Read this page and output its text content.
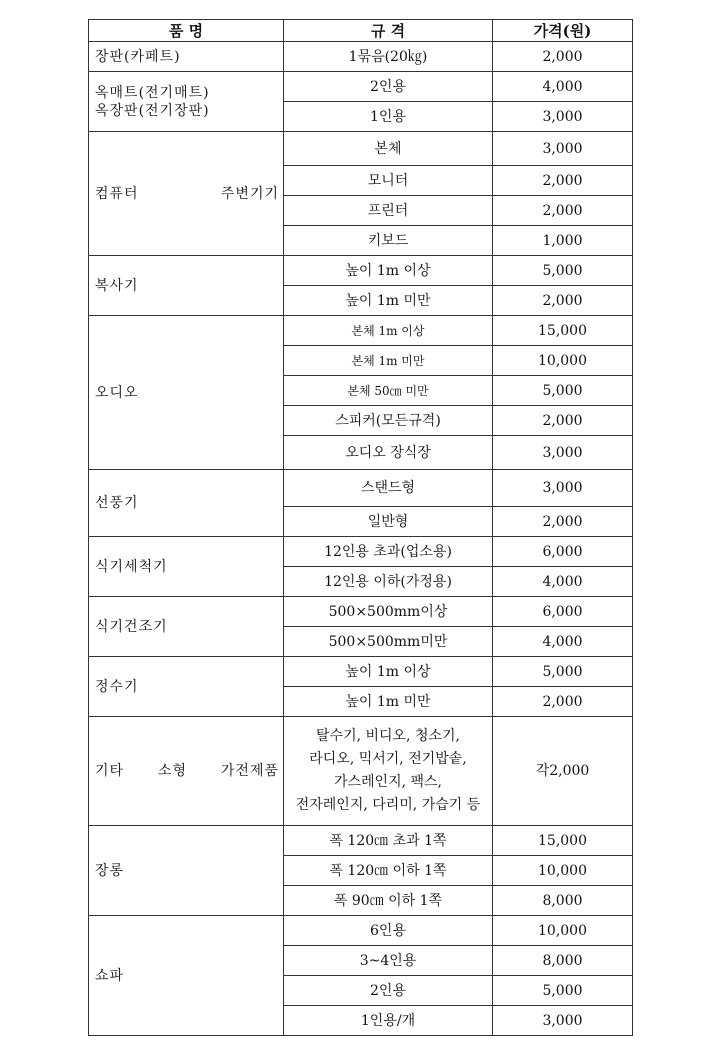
품 명	규 격	가격(원)
장판(카페트)	1묶음(20㎏)	2,000

옥매트(전기매트)
옥장판(전기장판)	2인용	4,000
	1인용	3,000
컴퓨터 주변기기	본체	3,000
	모니터	2,000
	프린터	2,000
	키보드	1,000
복사기	높이 1m 이상	5,000
	높이 1m 미만	2,000
오디오	본체 1m 이상	15,000
	본체 1m 미만	10,000
	본체 50㎝ 미만	5,000
	스피커(모든규격)	2,000
	오디오 장식장	3,000
선풍기	스탠드형	3,000
	일반형	2,000
식기세척기	12인용 초과(업소용)	6,000
	12인용 이하(가정용)	4,000
식기건조기	500×500mm이상	6,000
	500×500mm미만	4,000
정수기	높이 1m 이상	5,000
	높이 1m 미만	2,000
기타 소형 가전제품	탈수기, 비디오, 청소기,
라디오, 믹서기, 전기밥솥,
가스레인지, 팩스,
전자레인지, 다리미, 가습기 등	각2,000
장롱	폭 120㎝ 초과 1쪽	15,000
	폭 120㎝ 이하 1쪽	10,000
	폭 90㎝ 이하 1쪽	8,000
쇼파	6인용	10,000
	3~4인용	8,000
	2인용	5,000
	1인용/개	3,000
